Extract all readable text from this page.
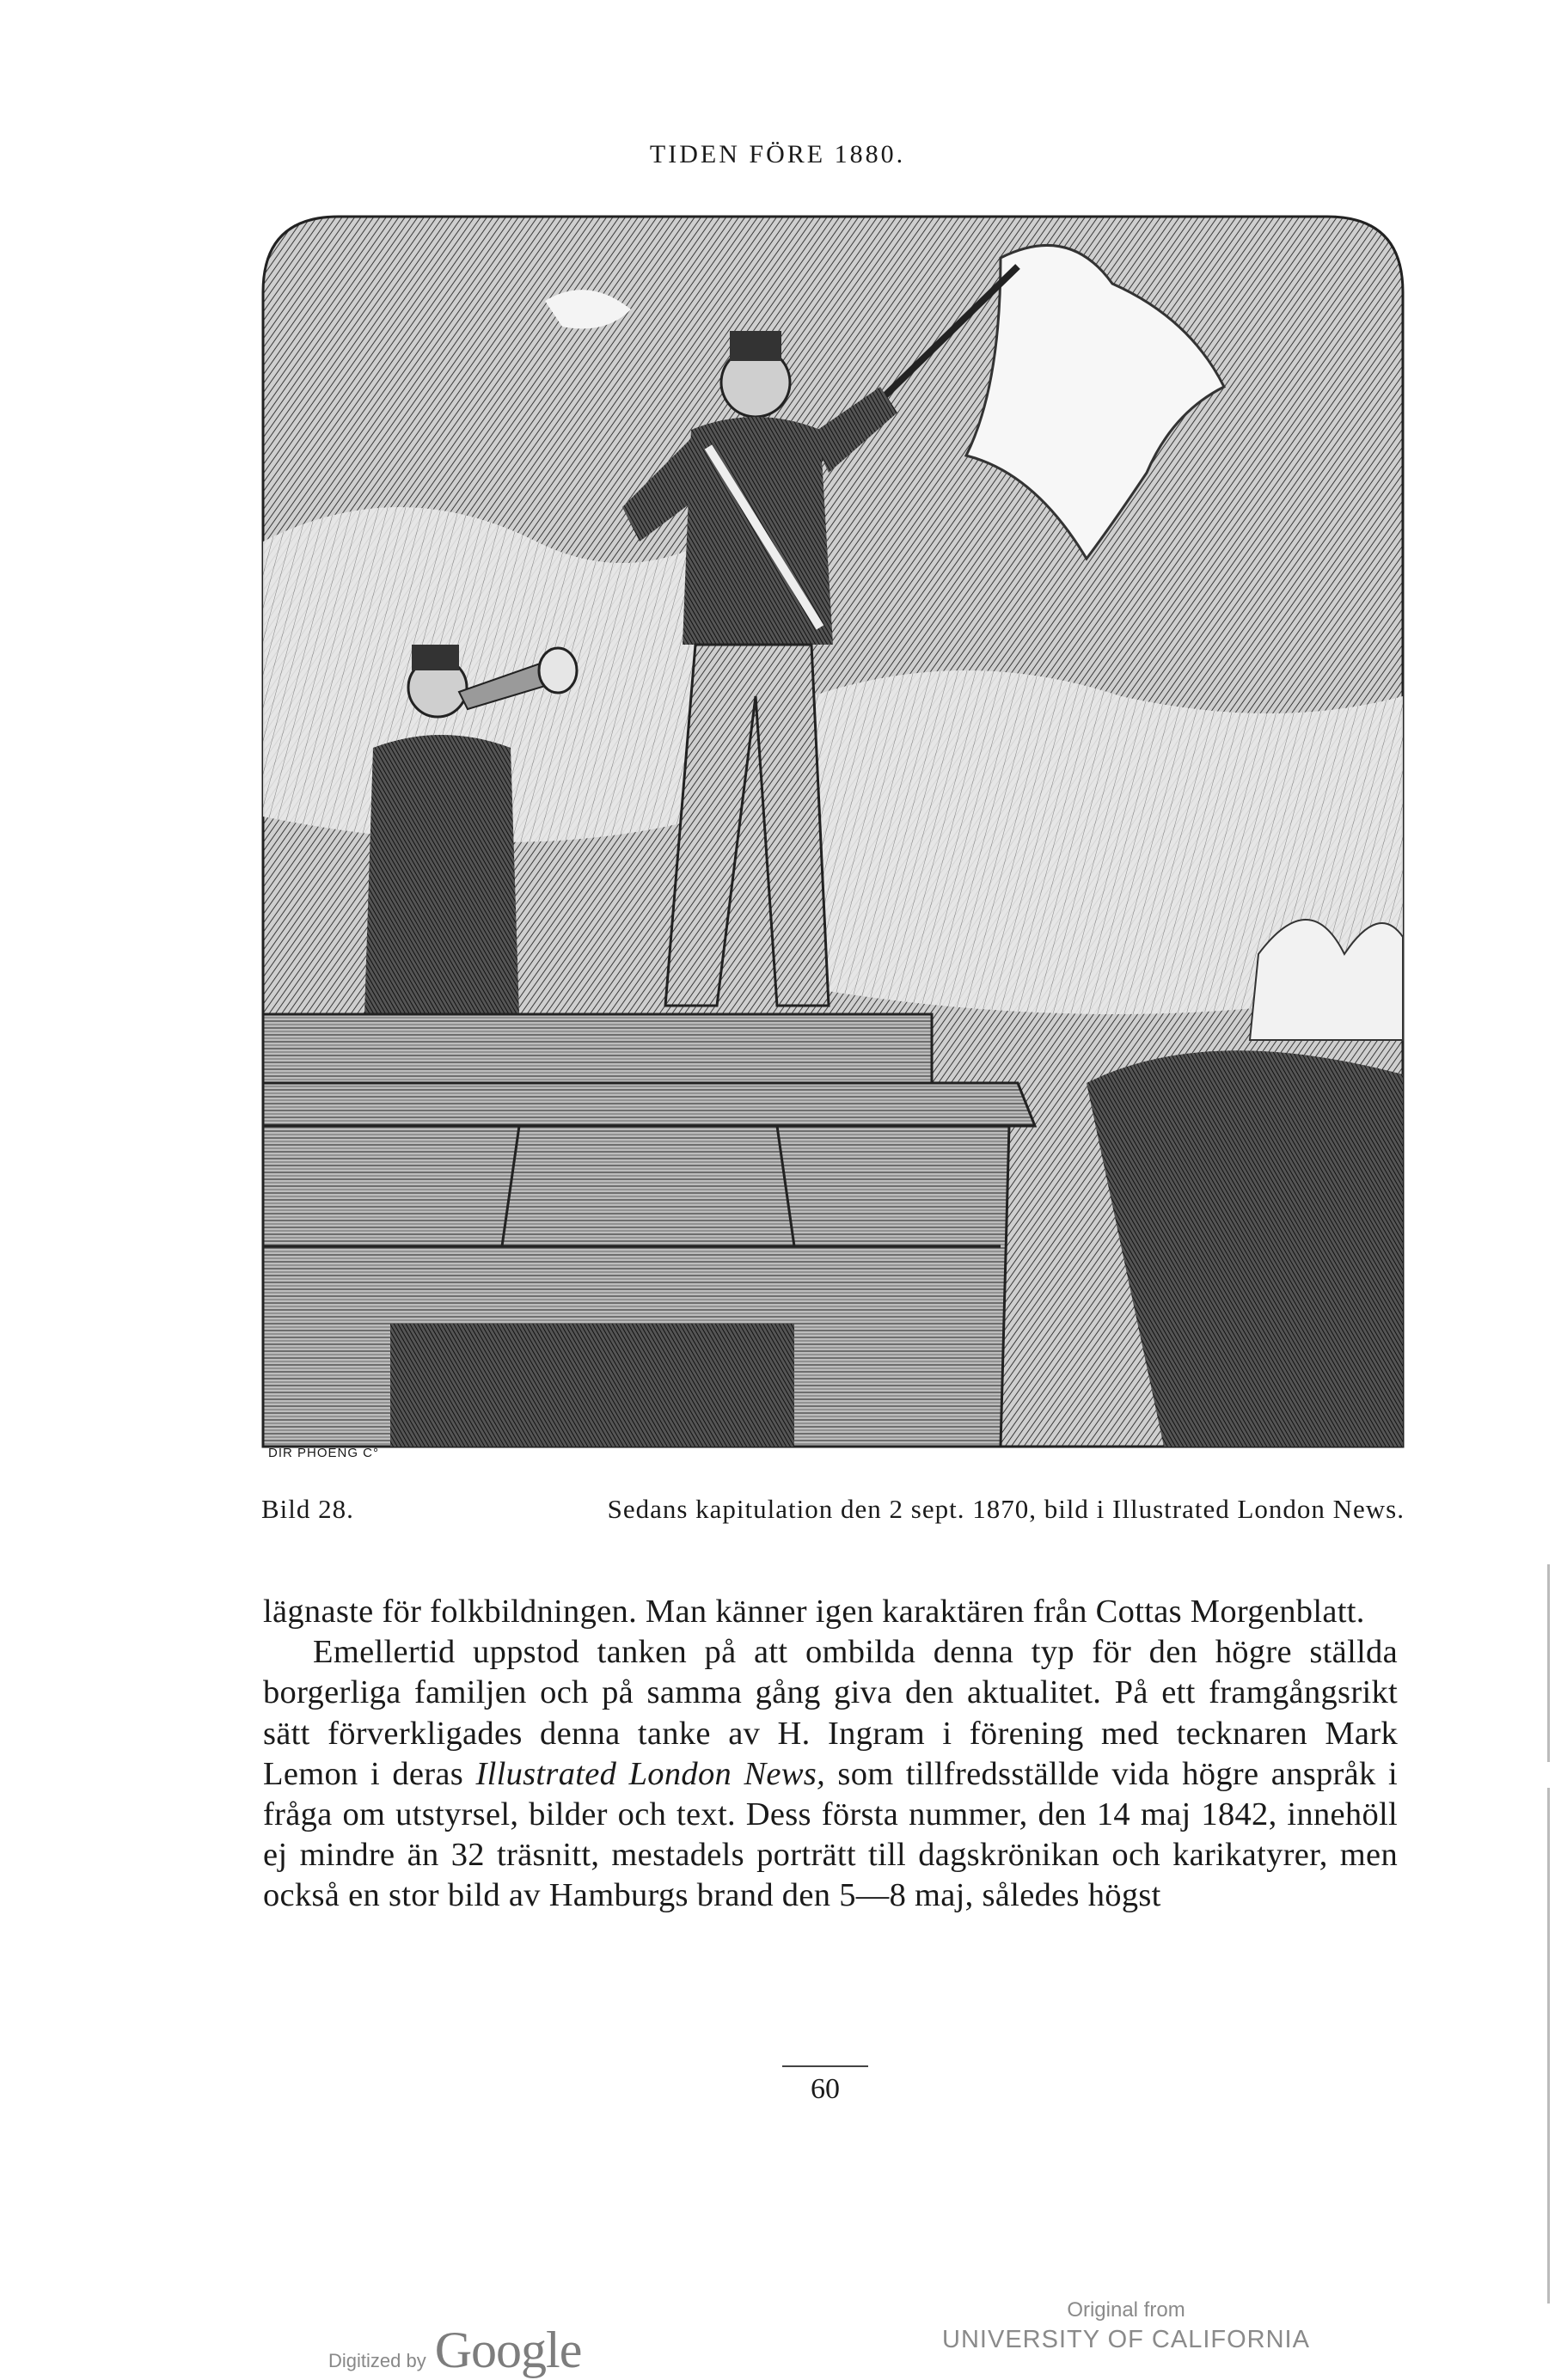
TIDEN FÖRE 1880.
DIR PHOENG C°
Bild 28.	Sedans kapitulation den 2 sept. 1870, bild i Illustrated London News.

lägnaste för folkbildningen. Man känner igen karaktären från Cottas Morgenblatt.

Emellertid uppstod tanken på att ombilda denna typ för den högre ställda borgerliga familjen och på samma gång giva den aktualitet. På ett framgångsrikt sätt förverkligades denna tanke av H. Ingram i förening med tecknaren Mark Lemon i deras Illustrated London News, som tillfredsställde vida högre anspråk i fråga om utstyrsel, bilder och text. Dess första nummer, den 14 maj 1842, innehöll ej mindre än 32 träsnitt, mestadels porträtt till dagskrönikan och karikatyrer, men också en stor bild av Hamburgs brand den 5—8 maj, således högst

60
Digitized by Google
Original from
UNIVERSITY OF CALIFORNIA
